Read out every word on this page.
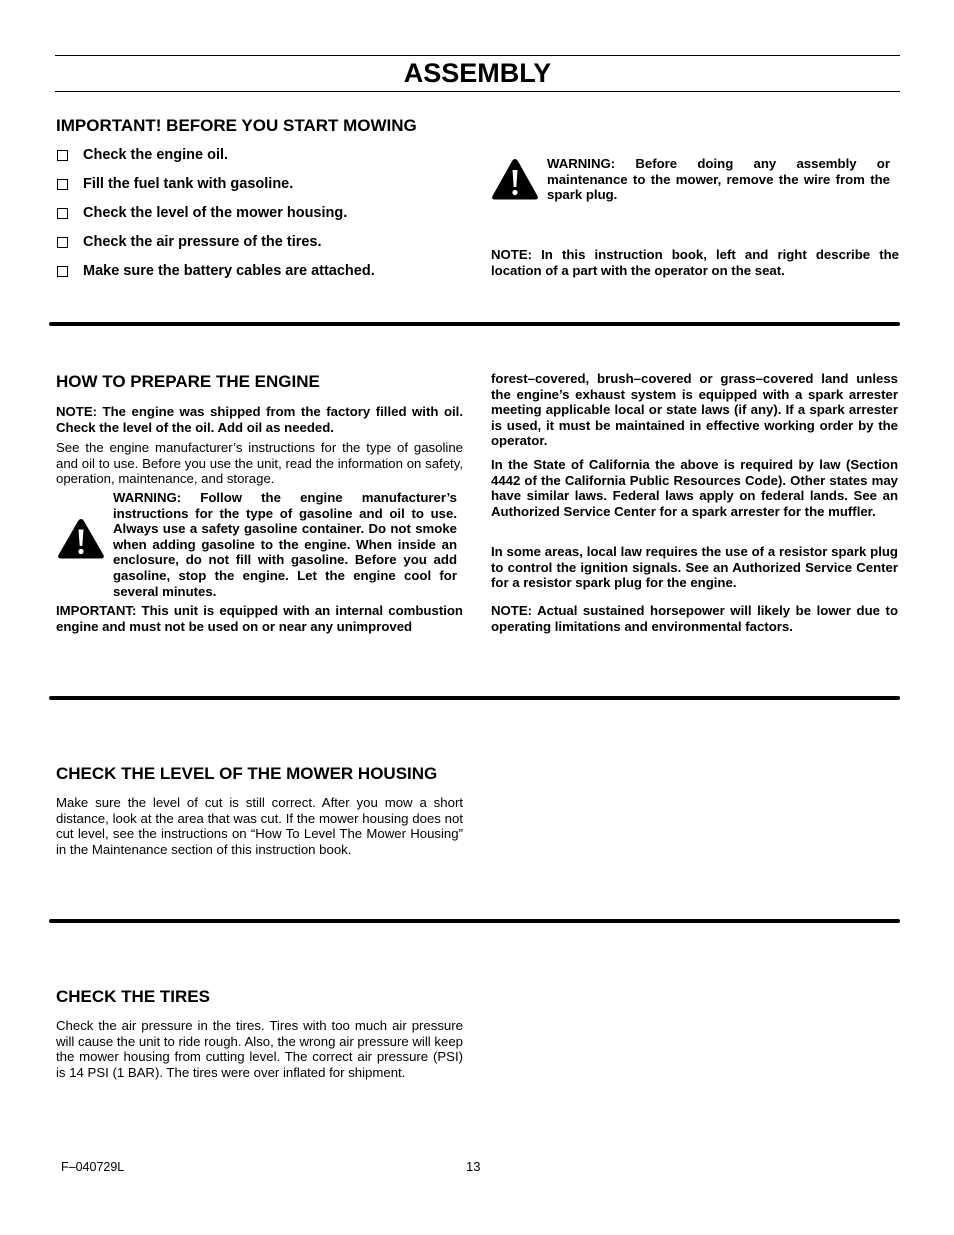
ASSEMBLY
IMPORTANT! BEFORE YOU START MOWING
Check the engine oil.
Fill the fuel tank with gasoline.
Check the level of the mower housing.
Check the air pressure of the tires.
Make sure the battery cables are attached.

WARNING: Before doing any assembly or maintenance to the mower, remove the wire from the spark plug.

NOTE: In this instruction book, left and right describe the location of a part with the operator on the seat.

HOW TO PREPARE THE ENGINE

NOTE: The engine was shipped from the factory filled with oil. Check the level of the oil. Add oil as needed.

See the engine manufacturer’s instructions for the type of gasoline and oil to use. Before you use the unit, read the information on safety, operation, maintenance, and storage.

WARNING: Follow the engine manufacturer’s instructions for the type of gasoline and oil to use. Always use a safety gasoline container. Do not smoke when adding gasoline to the engine. When inside an enclosure, do not fill with gasoline. Before you add gasoline, stop the engine. Let the engine cool for several minutes.

IMPORTANT: This unit is equipped with an internal combustion engine and must not be used on or near any unimproved

forest–covered, brush–covered or grass–covered land unless the engine’s exhaust system is equipped with a spark arrester meeting applicable local or state laws (if any). If a spark arrester is used, it must be maintained in effective working order by the operator.

In the State of California the above is required by law (Section 4442 of the California Public Resources Code). Other states may have similar laws. Federal laws apply on federal lands. See an Authorized Service Center for a spark arrester for the muffler.

In some areas, local law requires the use of a resistor spark plug to control the ignition signals. See an Authorized Service Center for a resistor spark plug for the engine.

NOTE: Actual sustained horsepower will likely be lower due to operating limitations and environmental factors.

CHECK THE LEVEL OF THE MOWER HOUSING

Make sure the level of cut is still correct. After you mow a short distance, look at the area that was cut. If the mower housing does not cut level, see the instructions on “How To Level The Mower Housing” in the Maintenance section of this instruction book.

CHECK THE TIRES

Check the air pressure in the tires. Tires with too much air pressure will cause the unit to ride rough. Also, the wrong air pressure will keep the mower housing from cutting level. The correct air pressure (PSI) is 14 PSI (1 BAR). The tires were over inflated for shipment.

F–040729L	13
